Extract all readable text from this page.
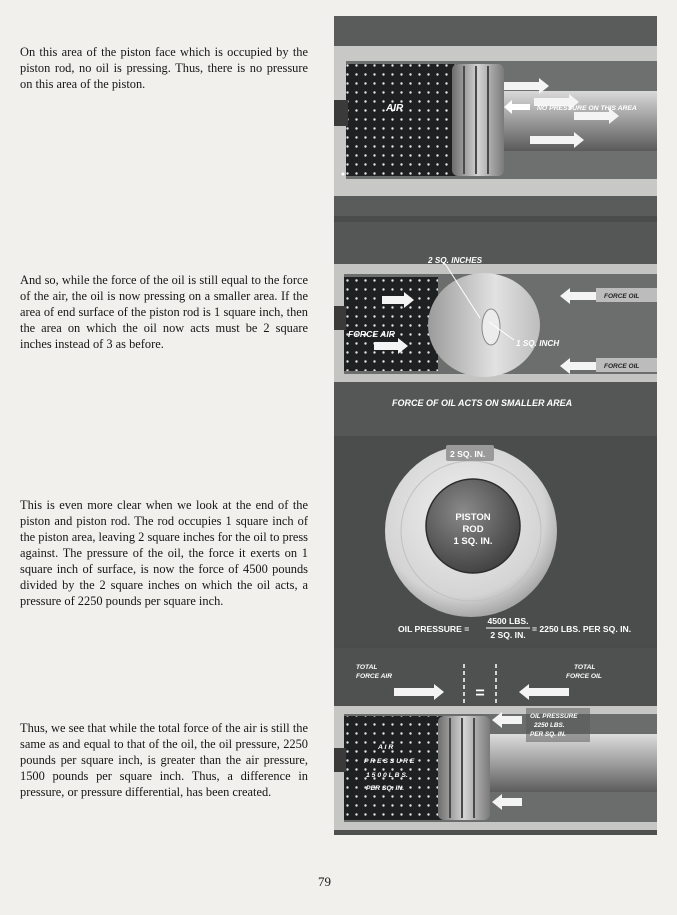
On this area of the piston face which is occupied by the piston rod, no oil is pressing. Thus, there is no pressure on this area of the piston.

And so, while the force of the oil is still equal to the force of the air, the oil is now pressing on a smaller area. If the area of end surface of the piston rod is 1 square inch, then the area on which the oil now acts must be 2 square inches instead of 3 as before.

This is even more clear when we look at the end of the piston and piston rod. The rod occupies 1 square inch of the piston area, leaving 2 square inches for the oil to press against. The pressure of the oil, the force it exerts on 1 square inch of surface, is now the force of 4500 pounds divided by the 2 square inches on which the oil acts, a pressure of 2250 pounds per square inch.

Thus, we see that while the total force of the air is still the same as and equal to that of the oil, the oil pressure, 2250 pounds per square inch, is greater than the air pressure, 1500 pounds per square inch. Thus, a difference in pressure, or pressure differential, has been created.

AIR	NO PRESSURE ON THIS AREA
2 SQ. INCHES
FORCE OIL
FORCE AIR
1 SQ. INCH
FORCE OIL
FORCE OF OIL ACTS ON SMALLER AREA
2 SQ. IN.
PISTON
ROD
1 SQ. IN.
OIL PRESSURE =
4500 LBS.
2 SQ. IN.
= 2250 LBS. PER SQ. IN.
TOTAL
FORCE AIR
=
TOTAL
FORCE OIL
OIL PRESSURE
2250 LBS.
PER SQ. IN.
A I R
P R E S S U R E
1 5 0 0 L B S.
PER SQ. IN.
79
